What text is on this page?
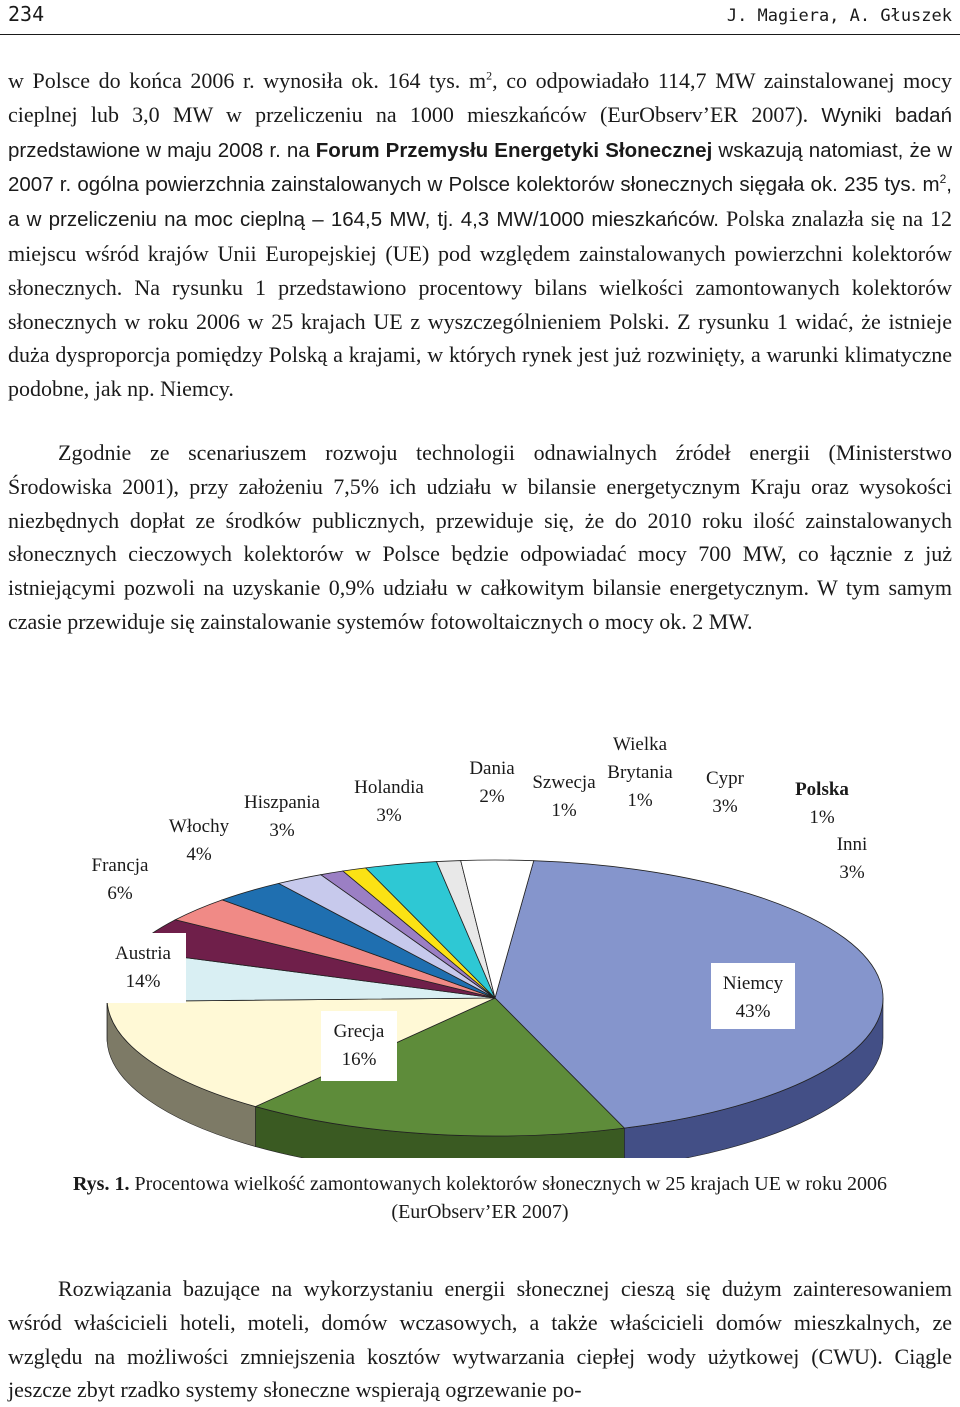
234	J. Magiera, A. Głuszek
w Polsce do końca 2006 r. wynosiła ok. 164 tys. $m^2$, co odpowiadało 114,7 MW zainstalowanej mocy cieplnej lub 3,0 MW w przeliczeniu na 1000 mieszkańców (EurObserv’ER 2007). Wyniki badań przedstawione w maju 2008 r. na Forum Przemysłu Energetyki Słonecznej wskazują natomiast, że w 2007 r. ogólna powierzchnia zainstalowanych w Polsce kolektorów słonecznych sięgała ok. 235 tys. $m^2$, a w przeliczeniu na moc cieplną – 164,5 MW, tj. 4,3 MW/1000 mieszkańców. Polska znalazła się na 12 miejscu wśród krajów Unii Europejskiej (UE) pod względem zainstalowanych powierzchni kolektorów słonecznych. Na rysunku 1 przedstawiono procentowy bilans wielkości zamontowanych kolektorów słonecznych w roku 2006 w 25 krajach UE z wyszczególnieniem Polski. Z rysunku 1 widać, że istnieje duża dysproporcja pomiędzy Polską a krajami, w których rynek jest już rozwinięty, a warunki klimatyczne podobne, jak np. Niemcy.
Zgodnie ze scenariuszem rozwoju technologii odnawialnych źródeł energii (Ministerstwo Środowiska 2001), przy założeniu 7,5% ich udziału w bilansie energetycznym Kraju oraz wysokości niezbędnych dopłat ze środków publicznych, przewiduje się, że do 2010 roku ilość zainstalowanych słonecznych cieczowych kolektorów w Polsce będzie odpowiadać mocy 700 MW, co łącznie z już istniejącymi pozwoli na uzyskanie 0,9% udziału w całkowitym bilansie energetycznym. W tym samym czasie przewiduje się zainstalowanie systemów fotowoltaicznych o mocy ok. 2 MW.
Francja
6%
Włochy
4%
Hiszpania
3%
Holandia
3%
Dania
2%
Szwecja
1%
Wielka
Brytania
1%
Cypr
3%
Polska
1%
Inni
3%
Austria
14%
Grecja
16%
Niemcy
43%
Rys. 1. Procentowa wielkość zamontowanych kolektorów słonecznych w 25 krajach UE w roku 2006 (EurObserv’ER 2007)
Rozwiązania bazujące na wykorzystaniu energii słonecznej cieszą się dużym zainteresowaniem wśród właścicieli hoteli, moteli, domów wczasowych, a także właścicieli domów mieszkalnych, ze względu na możliwości zmniejszenia kosztów wytwarzania ciepłej wody użytkowej (CWU). Ciągle jeszcze zbyt rzadko systemy słoneczne wspierają ogrzewanie po-
